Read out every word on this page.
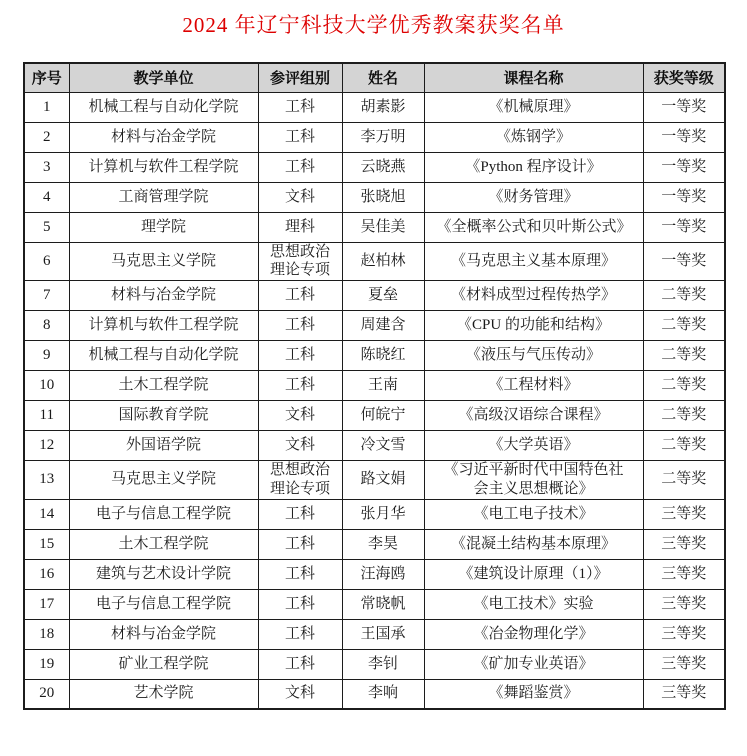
2024 年辽宁科技大学优秀教案获奖名单
序号	教学单位	参评组别	姓名	课程名称	获奖等级
1	机械工程与自动化学院	工科	胡素影	《机械原理》	一等奖
2	材料与冶金学院	工科	李万明	《炼钢学》	一等奖
3	计算机与软件工程学院	工科	云晓燕	《Python 程序设计》	一等奖
4	工商管理学院	文科	张晓旭	《财务管理》	一等奖
5	理学院	理科	吴佳美	《全概率公式和贝叶斯公式》	一等奖
6	马克思主义学院	思想政治理论专项	赵柏林	《马克思主义基本原理》	一等奖
7	材料与冶金学院	工科	夏垒	《材料成型过程传热学》	二等奖
8	计算机与软件工程学院	工科	周建含	《CPU 的功能和结构》	二等奖
9	机械工程与自动化学院	工科	陈晓红	《液压与气压传动》	二等奖
10	土木工程学院	工科	王南	《工程材料》	二等奖
11	国际教育学院	文科	何皖宁	《高级汉语综合课程》	二等奖
12	外国语学院	文科	冷文雪	《大学英语》	二等奖
13	马克思主义学院	思想政治理论专项	路文娟	《习近平新时代中国特色社会主义思想概论》	二等奖
14	电子与信息工程学院	工科	张月华	《电工电子技术》	三等奖
15	土木工程学院	工科	李昊	《混凝土结构基本原理》	三等奖
16	建筑与艺术设计学院	工科	汪海鸥	《建筑设计原理（1）》	三等奖
17	电子与信息工程学院	工科	常晓帆	《电工技术》实验	三等奖
18	材料与冶金学院	工科	王国承	《冶金物理化学》	三等奖
19	矿业工程学院	工科	李钊	《矿加专业英语》	三等奖
20	艺术学院	文科	李响	《舞蹈鉴赏》	三等奖
